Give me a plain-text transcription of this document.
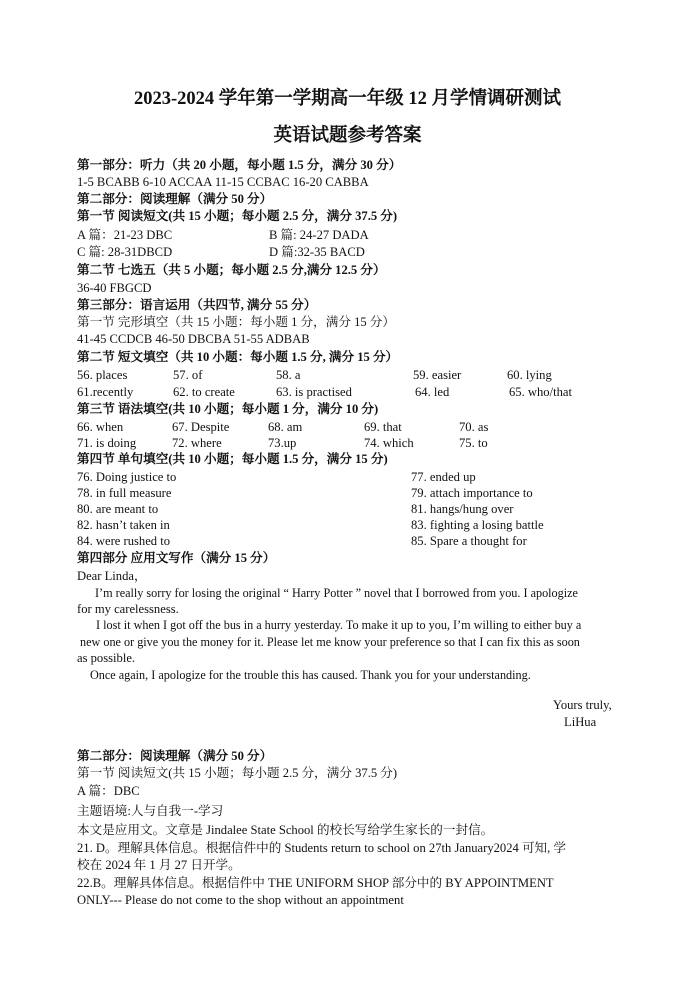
2023-2024 学年第一学期高一年级 12 月学情调研测试
英语试题参考答案
第一部分：听力（共 20 小题，每小题 1.5 分，满分 30 分）
1-5 BCABB 6-10 ACCAA 11-15 CCBAC 16-20 CABBA
第二部分：阅读理解（满分 50 分）
第一节 阅读短文(共 15 小题；每小题 2.5 分，满分 37.5 分)
A 篇：21-23 DBC	B 篇: 24-27 DADA
C 篇: 28-31DBCD	D 篇:32-35 BACD
第二节 七选五（共 5 小题；每小题 2.5 分,满分 12.5 分）
36-40 FBGCD
第三部分：语言运用（共四节, 满分 55 分）
第一节 完形填空（共 15 小题：每小题 1 分，满分 15 分）
41-45 CCDCB 46-50 DBCBA 51-55 ADBAB
第二节 短文填空（共 10 小题：每小题 1.5 分, 满分 15 分）
56. places	57. of	58. a	59. easier	60. lying
61.recently	62. to create	63. is practised	64. led	65. who/that
第三节 语法填空(共 10 小题；每小题 1 分，满分 10 分)
66. when	67. Despite	68. am	69. that	70. as
71. is doing	72. where	73.up	74. which	75. to
第四节 单句填空(共 10 小题；每小题 1.5 分，满分 15 分)
76. Doing justice to	77. ended up
78. in full measure	79. attach importance to
80. are meant to	81. hangs/hung over
82. hasn’t taken in	83. fighting a losing battle
84. were rushed to	85. Spare a thought for
第四部分 应用文写作（满分 15 分）
Dear Linda，
I’m really sorry for losing the original “ Harry Potter ” novel that I borrowed from you. I apologize
for my carelessness.
I lost it when I got off the bus in a hurry yesterday. To make it up to you, I’m willing to either buy a
new one or give you the money for it. Please let me know your preference so that I can fix this as soon
as possible.
Once again, I apologize for the trouble this has caused. Thank you for your understanding.
Yours truly,
LiHua
第二部分：阅读理解（满分 50 分）
第一节 阅读短文(共 15 小题；每小题 2.5 分，满分 37.5 分)
A 篇：DBC
主题语境:人与自我一-学习
本文是应用文。文章是 Jindalee State School 的校长写给学生家长的一封信。
21. D。理解具体信息。根据信件中的 Students return to school on 27th January2024 可知, 学
校在 2024 年 1 月 27 日开学。
22.B。理解具体信息。根据信件中 THE UNIFORM SHOP 部分中的 BY APPOINTMENT
ONLY--- Please do not come to the shop without an appointment
